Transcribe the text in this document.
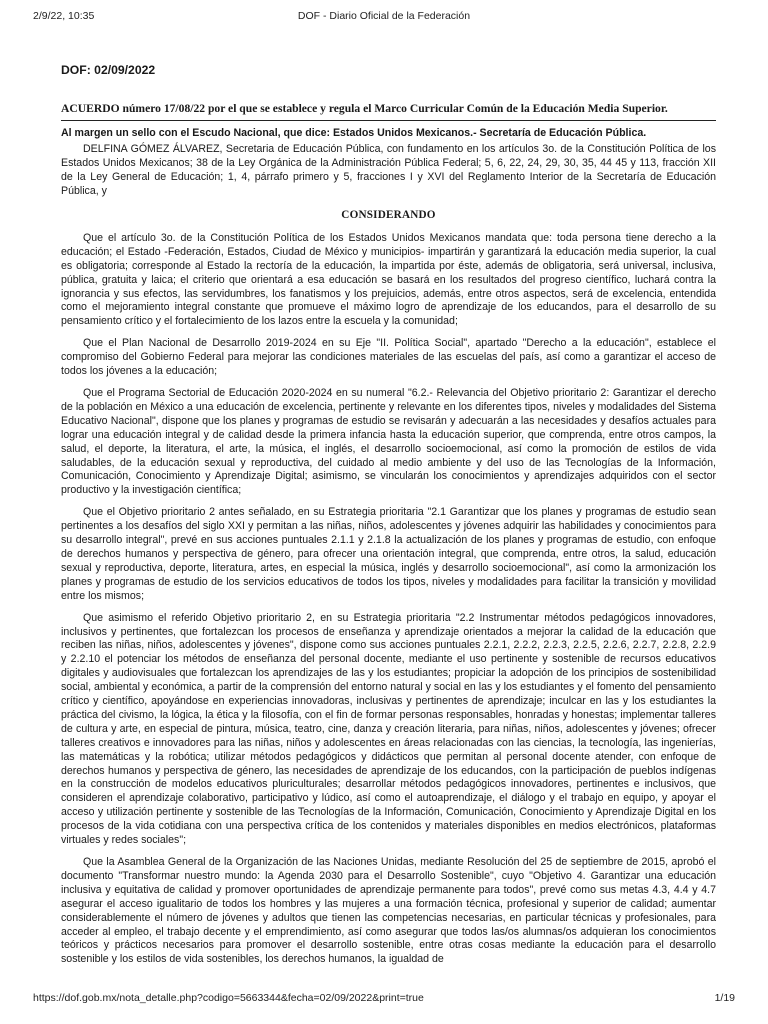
2/9/22, 10:35	DOF - Diario Oficial de la Federación
DOF: 02/09/2022
ACUERDO número 17/08/22 por el que se establece y regula el Marco Curricular Común de la Educación Media Superior.
Al margen un sello con el Escudo Nacional, que dice: Estados Unidos Mexicanos.- Secretaría de Educación Pública.

DELFINA GÓMEZ ÁLVAREZ, Secretaria de Educación Pública, con fundamento en los artículos 3o. de la Constitución Política de los Estados Unidos Mexicanos; 38 de la Ley Orgánica de la Administración Pública Federal; 5, 6, 22, 24, 29, 30, 35, 44 45 y 113, fracción XII de la Ley General de Educación; 1, 4, párrafo primero y 5, fracciones I y XVI del Reglamento Interior de la Secretaría de Educación Pública, y

CONSIDERANDO

Que el artículo 3o. de la Constitución Política de los Estados Unidos Mexicanos mandata que: toda persona tiene derecho a la educación; el Estado -Federación, Estados, Ciudad de México y municipios- impartirán y garantizará la educación media superior, la cual es obligatoria; corresponde al Estado la rectoría de la educación, la impartida por éste, además de obligatoria, será universal, inclusiva, pública, gratuita y laica; el criterio que orientará a esa educación se basará en los resultados del progreso científico, luchará contra la ignorancia y sus efectos, las servidumbres, los fanatismos y los prejuicios, además, entre otros aspectos, será de excelencia, entendida como el mejoramiento integral constante que promueve el máximo logro de aprendizaje de los educandos, para el desarrollo de su pensamiento crítico y el fortalecimiento de los lazos entre la escuela y la comunidad;

Que el Plan Nacional de Desarrollo 2019-2024 en su Eje "II. Política Social", apartado "Derecho a la educación", establece el compromiso del Gobierno Federal para mejorar las condiciones materiales de las escuelas del país, así como a garantizar el acceso de todos los jóvenes a la educación;

Que el Programa Sectorial de Educación 2020-2024 en su numeral "6.2.- Relevancia del Objetivo prioritario 2: Garantizar el derecho de la población en México a una educación de excelencia, pertinente y relevante en los diferentes tipos, niveles y modalidades del Sistema Educativo Nacional", dispone que los planes y programas de estudio se revisarán y adecuarán a las necesidades y desafíos actuales para lograr una educación integral y de calidad desde la primera infancia hasta la educación superior, que comprenda, entre otros campos, la salud, el deporte, la literatura, el arte, la música, el inglés, el desarrollo socioemocional, así como la promoción de estilos de vida saludables, de la educación sexual y reproductiva, del cuidado al medio ambiente y del uso de las Tecnologías de la Información, Comunicación, Conocimiento y Aprendizaje Digital; asimismo, se vincularán los conocimientos y aprendizajes adquiridos con el sector productivo y la investigación científica;

Que el Objetivo prioritario 2 antes señalado, en su Estrategia prioritaria "2.1 Garantizar que los planes y programas de estudio sean pertinentes a los desafíos del siglo XXI y permitan a las niñas, niños, adolescentes y jóvenes adquirir las habilidades y conocimientos para su desarrollo integral", prevé en sus acciones puntuales 2.1.1 y 2.1.8 la actualización de los planes y programas de estudio, con enfoque de derechos humanos y perspectiva de género, para ofrecer una orientación integral, que comprenda, entre otros, la salud, educación sexual y reproductiva, deporte, literatura, artes, en especial la música, inglés y desarrollo socioemocional", así como la armonización los planes y programas de estudio de los servicios educativos de todos los tipos, niveles y modalidades para facilitar la transición y movilidad entre los mismos;

Que asimismo el referido Objetivo prioritario 2, en su Estrategia prioritaria "2.2 Instrumentar métodos pedagógicos innovadores, inclusivos y pertinentes, que fortalezcan los procesos de enseñanza y aprendizaje orientados a mejorar la calidad de la educación que reciben las niñas, niños, adolescentes y jóvenes", dispone como sus acciones puntuales 2.2.1, 2.2.2, 2.2.3, 2.2.5, 2.2.6, 2.2.7, 2.2.8, 2.2.9 y 2.2.10 el potenciar los métodos de enseñanza del personal docente, mediante el uso pertinente y sostenible de recursos educativos digitales y audiovisuales que fortalezcan los aprendizajes de las y los estudiantes; propiciar la adopción de los principios de sostenibilidad social, ambiental y económica, a partir de la comprensión del entorno natural y social en las y los estudiantes y el fomento del pensamiento crítico y científico, apoyándose en experiencias innovadoras, inclusivas y pertinentes de aprendizaje; inculcar en las y los estudiantes la práctica del civismo, la lógica, la ética y la filosofía, con el fin de formar personas responsables, honradas y honestas; implementar talleres de cultura y arte, en especial de pintura, música, teatro, cine, danza y creación literaria, para niñas, niños, adolescentes y jóvenes; ofrecer talleres creativos e innovadores para las niñas, niños y adolescentes en áreas relacionadas con las ciencias, la tecnología, las ingenierías, las matemáticas y la robótica; utilizar métodos pedagógicos y didácticos que permitan al personal docente atender, con enfoque de derechos humanos y perspectiva de género, las necesidades de aprendizaje de los educandos, con la participación de pueblos indígenas en la construcción de modelos educativos pluriculturales; desarrollar métodos pedagógicos innovadores, pertinentes e inclusivos, que consideren el aprendizaje colaborativo, participativo y lúdico, así como el autoaprendizaje, el diálogo y el trabajo en equipo, y apoyar el acceso y utilización pertinente y sostenible de las Tecnologías de la Información, Comunicación, Conocimiento y Aprendizaje Digital en los procesos de la vida cotidiana con una perspectiva crítica de los contenidos y materiales disponibles en medios electrónicos, plataformas virtuales y redes sociales";

Que la Asamblea General de la Organización de las Naciones Unidas, mediante Resolución del 25 de septiembre de 2015, aprobó el documento "Transformar nuestro mundo: la Agenda 2030 para el Desarrollo Sostenible", cuyo "Objetivo 4. Garantizar una educación inclusiva y equitativa de calidad y promover oportunidades de aprendizaje permanente para todos", prevé como sus metas 4.3, 4.4 y 4.7 asegurar el acceso igualitario de todos los hombres y las mujeres a una formación técnica, profesional y superior de calidad; aumentar considerablemente el número de jóvenes y adultos que tienen las competencias necesarias, en particular técnicas y profesionales, para acceder al empleo, el trabajo decente y el emprendimiento, así como asegurar que todos las/os alumnas/os adquieran los conocimientos teóricos y prácticos necesarios para promover el desarrollo sostenible, entre otras cosas mediante la educación para el desarrollo sostenible y los estilos de vida sostenibles, los derechos humanos, la igualdad de

https://dof.gob.mx/nota_detalle.php?codigo=5663344&fecha=02/09/2022&print=true	1/19
